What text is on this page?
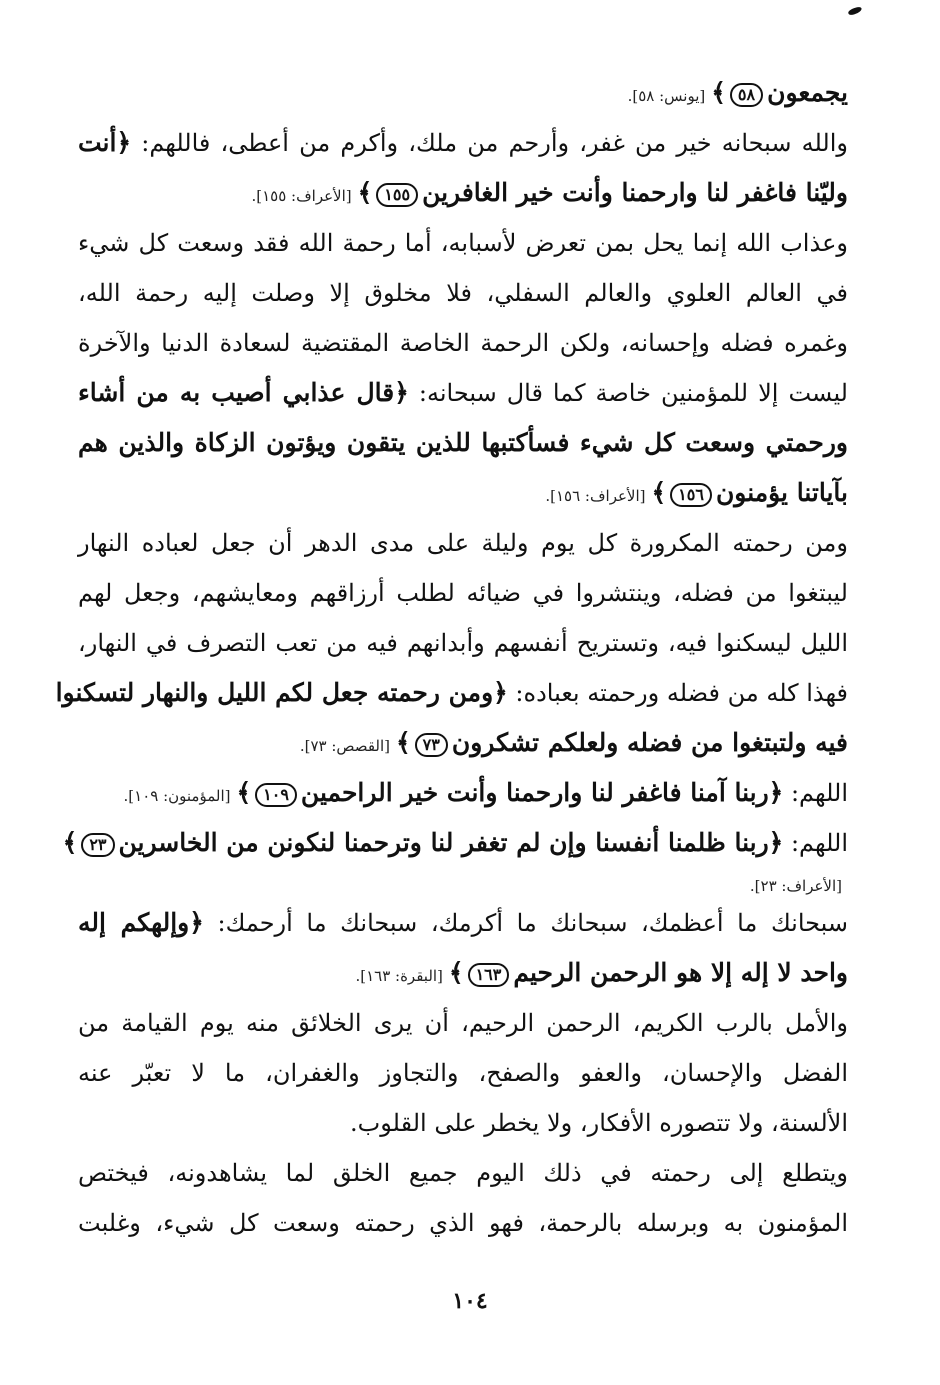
يجمعون٥٨﴾[يونس: ٥٨].
والله سبحانه خير من غفر، وأرحم من ملك، وأكرم من أعطى، فاللهم: ﴿أنت
وليّنا فاغفر لنا وارحمنا وأنت خير الغافرين١٥٥﴾[الأعراف: ١٥٥].
وعذاب الله إنما يحل بمن تعرض لأسبابه، أما رحمة الله فقد وسعت كل شيء
في العالم العلوي والعالم السفلي، فلا مخلوق إلا وصلت إليه رحمة الله،
وغمره فضله وإحسانه، ولكن الرحمة الخاصة المقتضية لسعادة الدنيا والآخرة
ليست إلا للمؤمنين خاصة كما قال سبحانه: ﴿قال عذابي أصيب به من أشاء
ورحمتي وسعت كل شيء فسأكتبها للذين يتقون ويؤتون الزكاة والذين هم
بآياتنا يؤمنون١٥٦﴾[الأعراف: ١٥٦].
ومن رحمته المكرورة كل يوم وليلة على مدى الدهر أن جعل لعباده النهار
ليبتغوا من فضله، وينتشروا في ضيائه لطلب أرزاقهم ومعايشهم، وجعل لهم
الليل ليسكنوا فيه، وتستريح أنفسهم وأبدانهم فيه من تعب التصرف في النهار،
فهذا كله من فضله ورحمته بعباده: ﴿ومن رحمته جعل لكم الليل والنهار لتسكنوا
فيه ولتبتغوا من فضله ولعلكم تشكرون٧٣﴾[القصص: ٧٣].
اللهم: ﴿ربنا آمنا فاغفر لنا وارحمنا وأنت خير الراحمين١٠٩﴾[المؤمنون: ١٠٩].
اللهم: ﴿ربنا ظلمنا أنفسنا وإن لم تغفر لنا وترحمنا لنكونن من الخاسرين٢٣﴾
[الأعراف: ٢٣].
سبحانك ما أعظمك، سبحانك ما أكرمك، سبحانك ما أرحمك: ﴿وإلهكم إله
واحد لا إله إلا هو الرحمن الرحيم١٦٣﴾[البقرة: ١٦٣].
والأمل بالرب الكريم، الرحمن الرحيم، أن يرى الخلائق منه يوم القيامة من
الفضل والإحسان، والعفو والصفح، والتجاوز والغفران، ما لا تعبّر عنه
الألسنة، ولا تتصوره الأفكار، ولا يخطر على القلوب.
ويتطلع إلى رحمته في ذلك اليوم جميع الخلق لما يشاهدونه، فيختص
المؤمنون به وبرسله بالرحمة، فهو الذي رحمته وسعت كل شيء، وغلبت
١٠٤
